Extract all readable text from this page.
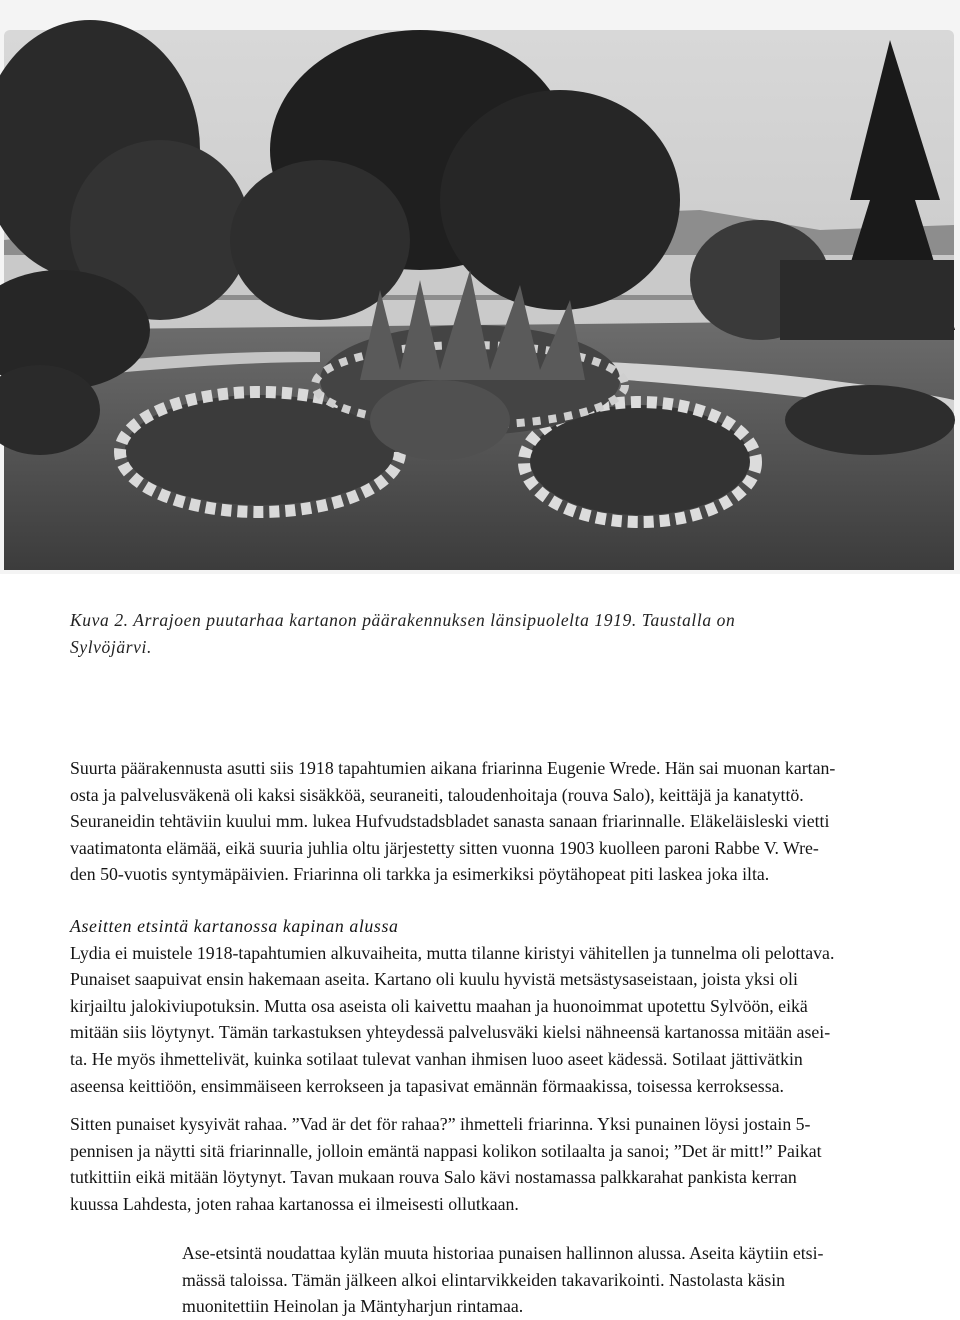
Kuva 2. Arrajoen puutarhaa kartanon päärakennuksen länsipuolelta 1919. Taustalla on
Sylvöjärvi.
Suurta päärakennusta asutti siis 1918 tapahtumien aikana friarinna Eugenie Wrede. Hän sai muonan kartan-
osta ja palvelusväkenä oli kaksi sisäkköä, seuraneiti, taloudenhoitaja (rouva Salo), keittäjä ja kanatyttö.
Seuraneidin tehtäviin kuului mm. lukea Hufvudstadsbladet sanasta sanaan friarinnalle. Eläkeläisleski vietti
vaatimatonta elämää, eikä suuria juhlia oltu järjestetty sitten vuonna 1903 kuolleen paroni Rabbe V. Wre-
den 50-vuotis syntymäpäivien. Friarinna oli tarkka ja esimerkiksi pöytähopeat piti laskea joka ilta.
Aseitten etsintä kartanossa kapinan alussa
Lydia ei muistele 1918-tapahtumien alkuvaiheita, mutta tilanne kiristyi vähitellen ja tunnelma oli pelottava.
Punaiset saapuivat ensin hakemaan aseita. Kartano oli kuulu hyvistä metsästysaseistaan, joista yksi oli
kirjailtu jalokiviupotuksin. Mutta osa aseista oli kaivettu maahan ja huonoimmat upotettu Sylvöön, eikä
mitään siis löytynyt. Tämän tarkastuksen yhteydessä palvelusväki kielsi nähneensä kartanossa mitään asei-
ta. He myös ihmettelivät, kuinka sotilaat tulevat vanhan ihmisen luoo aseet kädessä. Sotilaat jättivätkin
aseensa keittiöön, ensimmäiseen kerrokseen ja tapasivat emännän förmaakissa, toisessa kerroksessa.
Sitten punaiset kysyivät rahaa. ”Vad är det för rahaa?” ihmetteli friarinna. Yksi punainen löysi jostain 5-
pennisen ja näytti sitä friarinnalle, jolloin emäntä nappasi kolikon sotilaalta ja sanoi; ”Det är mitt!” Paikat
tutkittiin eikä mitään löytynyt. Tavan mukaan rouva Salo kävi nostamassa palkkarahat pankista kerran
kuussa Lahdesta, joten rahaa kartanossa ei ilmeisesti ollutkaan.
Ase-etsintä noudattaa kylän muuta historiaa punaisen hallinnon alussa. Aseita käytiin etsi-
mässä taloissa. Tämän jälkeen alkoi elintarvikkeiden takavarikointi. Nastolasta käsin
muonitettiin Heinolan ja Mäntyharjun rintamaa.
